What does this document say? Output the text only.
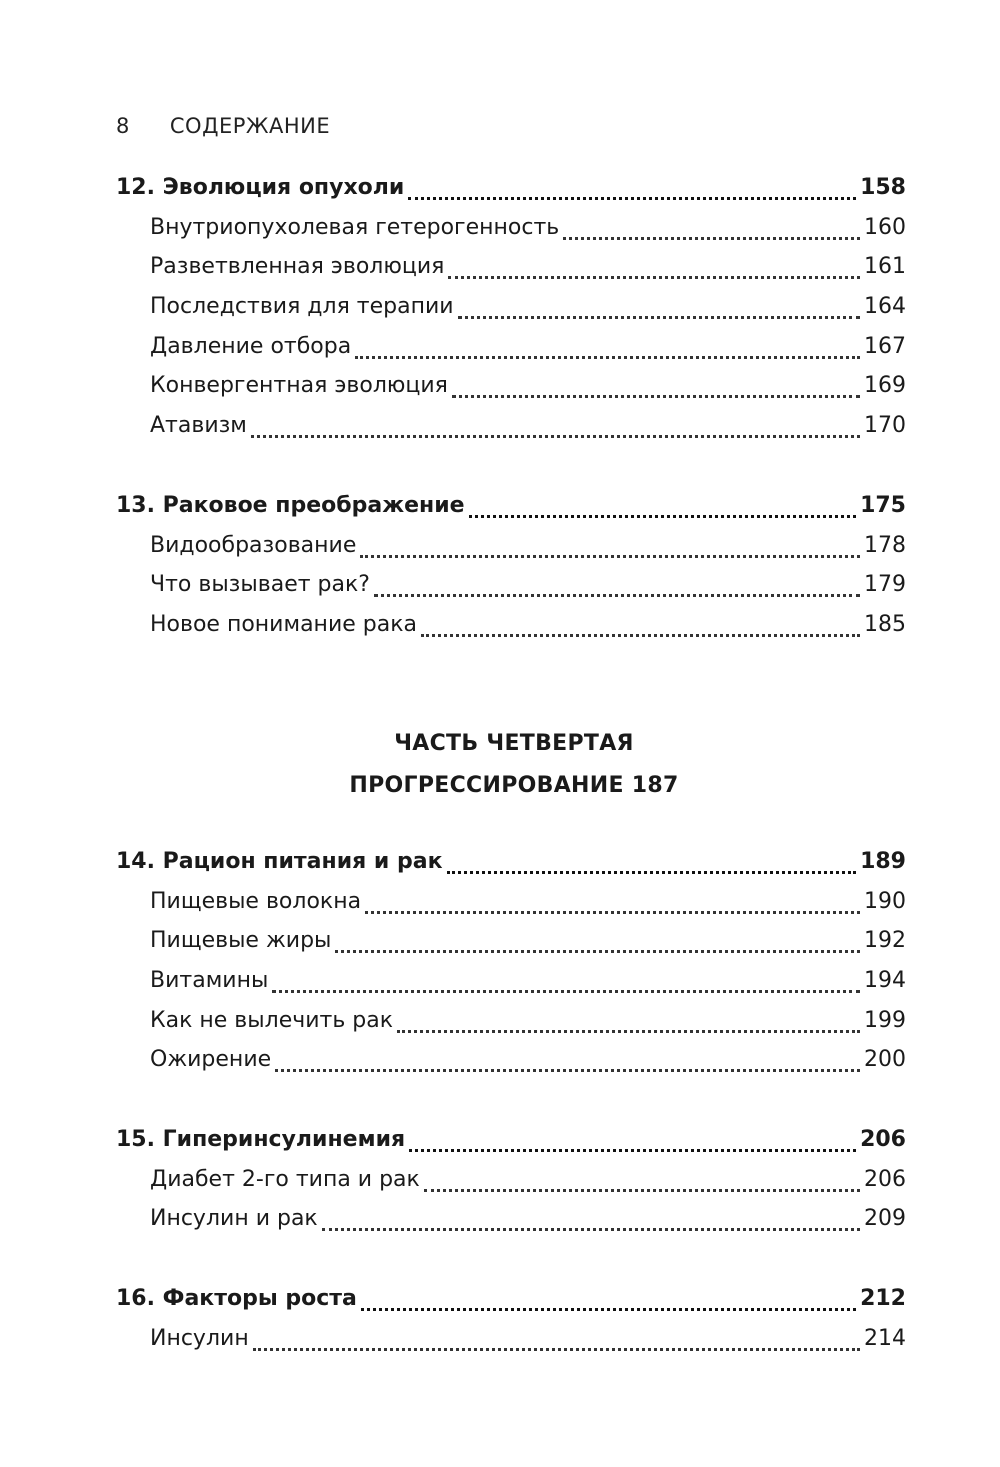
8 СОДЕРЖАНИЕ
12. Эволюция опухоли	158
Внутриопухолевая гетерогенность	160
Разветвленная эволюция	161
Последствия для терапии	164
Давление отбора	167
Конвергентная эволюция	169
Атавизм	170
13. Раковое преображение	175
Видообразование	178
Что вызывает рак?	179
Новое понимание рака	185
ЧАСТЬ ЧЕТВЕРТАЯ
ПРОГРЕССИРОВАНИЕ 187
14. Рацион питания и рак	189
Пищевые волокна	190
Пищевые жиры	192
Витамины	194
Как не вылечить рак	199
Ожирение	200
15. Гиперинсулинемия	206
Диабет 2-го типа и рак	206
Инсулин и рак	209
16. Факторы роста	212
Инсулин	214
